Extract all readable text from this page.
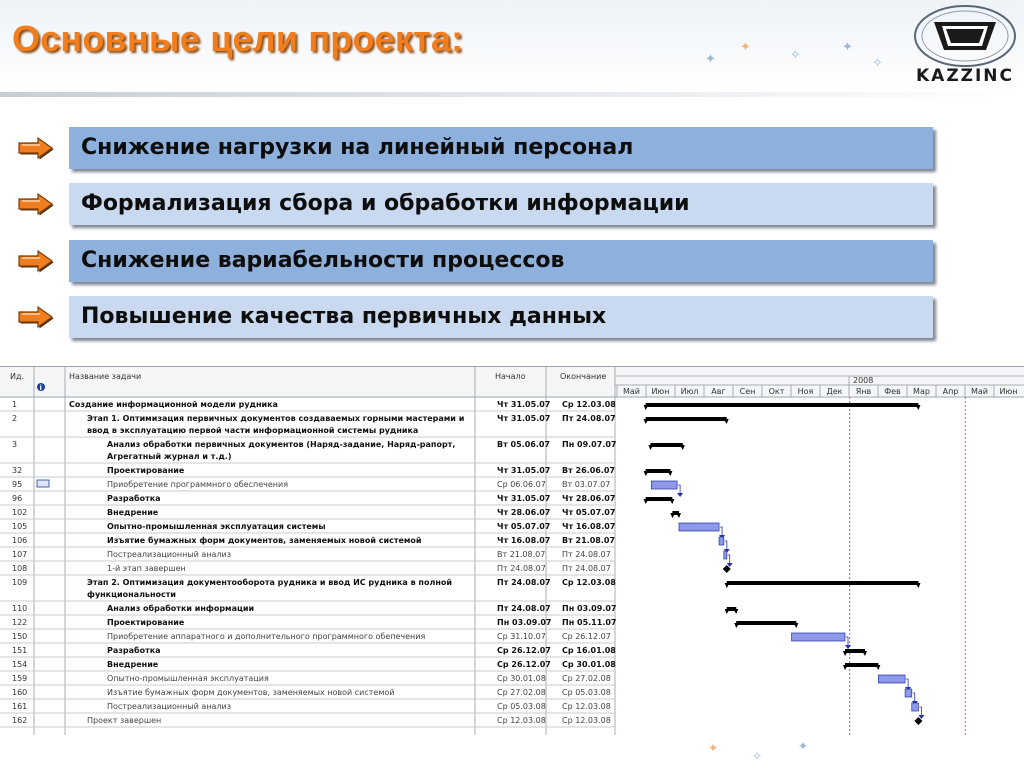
Основные цели проекта:
✦
✦
✧
✦
✧
KAZZINC
Снижение нагрузки на линейный персонал
Формализация сбора и обработки информации
Снижение вариабельности процессов
Повышение качества первичных данных
Ид.	Название задачи	Начало	Окончание
i
2008
Май Июн Июл Авг Сен Окт Ноя Дек Янв Фев Мар Апр Май Июн
1	Создание информационной модели рудника	Чт 31.05.07 Ср 12.03.08
2	Этап 1. Оптимизация первичных документов создаваемых горными мастерами и
ввод в эксплуатацию первой части информационной системы рудника
Чт 31.05.07 Пт 24.08.07
3	Анализ обработки первичных документов (Наряд-задание, Наряд-рапорт,
Агрегатный журнал и т.д.)
Вт 05.06.07 Пн 09.07.07
32	Проектирование	Чт 31.05.07 Вт 26.06.07
95	Приобретение программного обеспечения	Ср 06.06.07 Вт 03.07.07
96	Разработка	Чт 31.05.07 Чт 28.06.07
102	Внедрение	Чт 28.06.07 Чт 05.07.07
105	Опытно-промышленная эксплуатация системы	Чт 05.07.07 Чт 16.08.07
106	Изъятие бумажных форм документов, заменяемых новой системой	Чт 16.08.07 Вт 21.08.07
107	Постреализационный анализ	Вт 21.08.07 Пт 24.08.07
108	1-й этап завершен	Пт 24.08.07 Пт 24.08.07
109	Этап 2. Оптимизация документооборота рудника и ввод ИС рудника в полной
функциональности
Пт 24.08.07 Ср 12.03.08
110	Анализ обработки информации	Пт 24.08.07 Пн 03.09.07
122	Проектирование	Пн 03.09.07 Пн 05.11.07
150	Приобретение аппаратного и дополнительного программного обепечения	Ср 31.10.07 Ср 26.12.07
151	Разработка	Ср 26.12.07 Ср 16.01.08
154	Внедрение	Ср 26.12.07 Ср 30.01.08
159	Опытно-промышленная эксплуатация	Ср 30.01.08 Ср 27.02.08
160	Изъятие бумажных форм документов, заменяемых новой системой	Ср 27.02.08 Ср 05.03.08
161	Постреализационный анализ	Ср 05.03.08 Ср 12.03.08
162	Проект завершен	Ср 12.03.08 Ср 12.03.08
✦
✧
✦
